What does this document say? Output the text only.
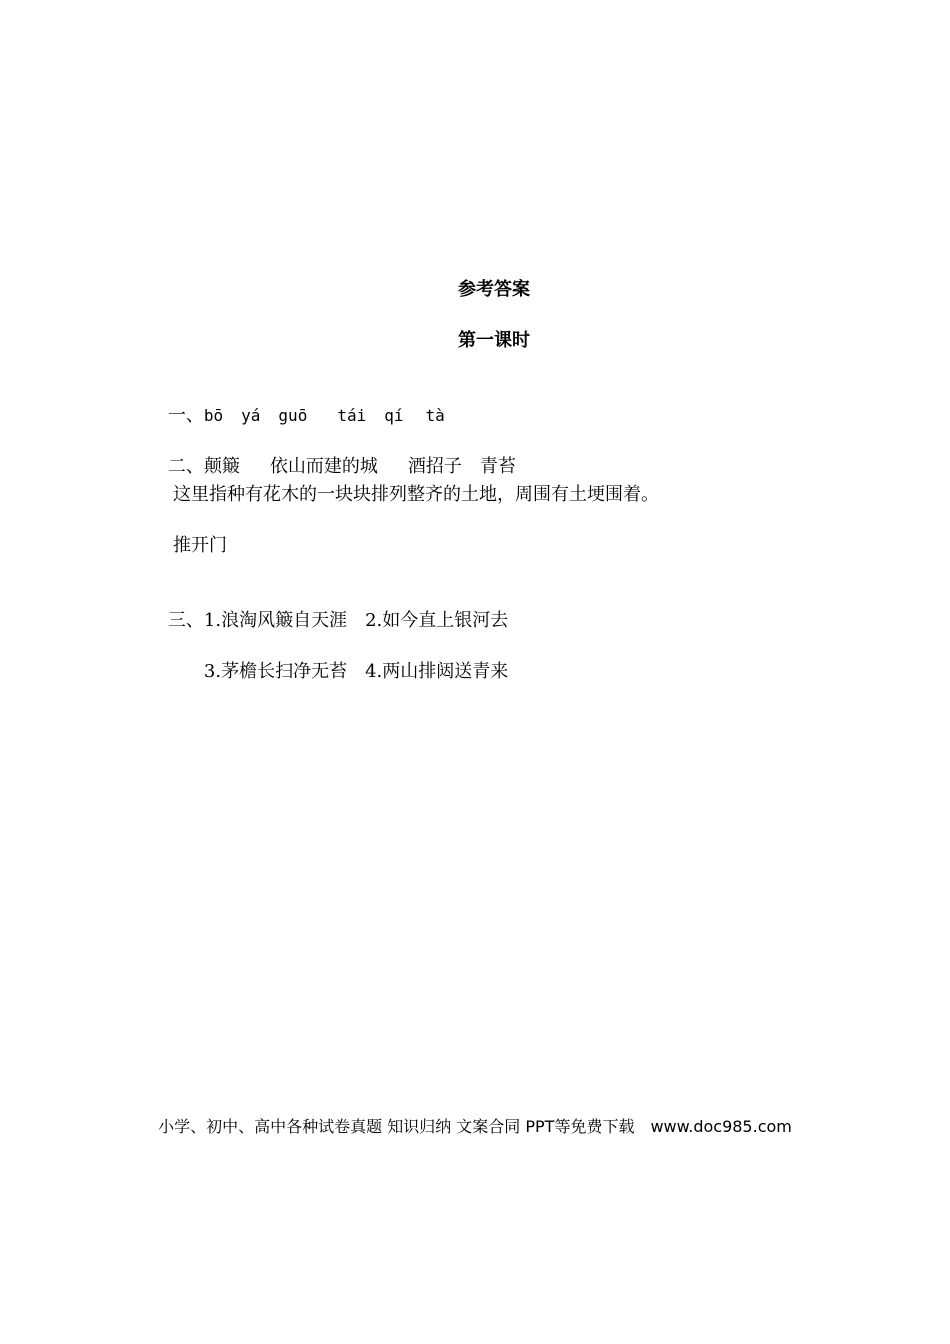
参考答案
第一课时

一、bō yá guō tái qí tà

二、颠簸 依山而建的城 酒招子 青苔

这里指种有花木的一块块排列整齐的土地，周围有土埂围着。
推开门

三、1.浪淘风簸自天涯 2.如今直上银河去

3.茅檐长扫净无苔 4.两山排闼送青来

小学、初中、高中各种试卷真题 知识归纳 文案合同 PPT等免费下载 www.doc985.com
